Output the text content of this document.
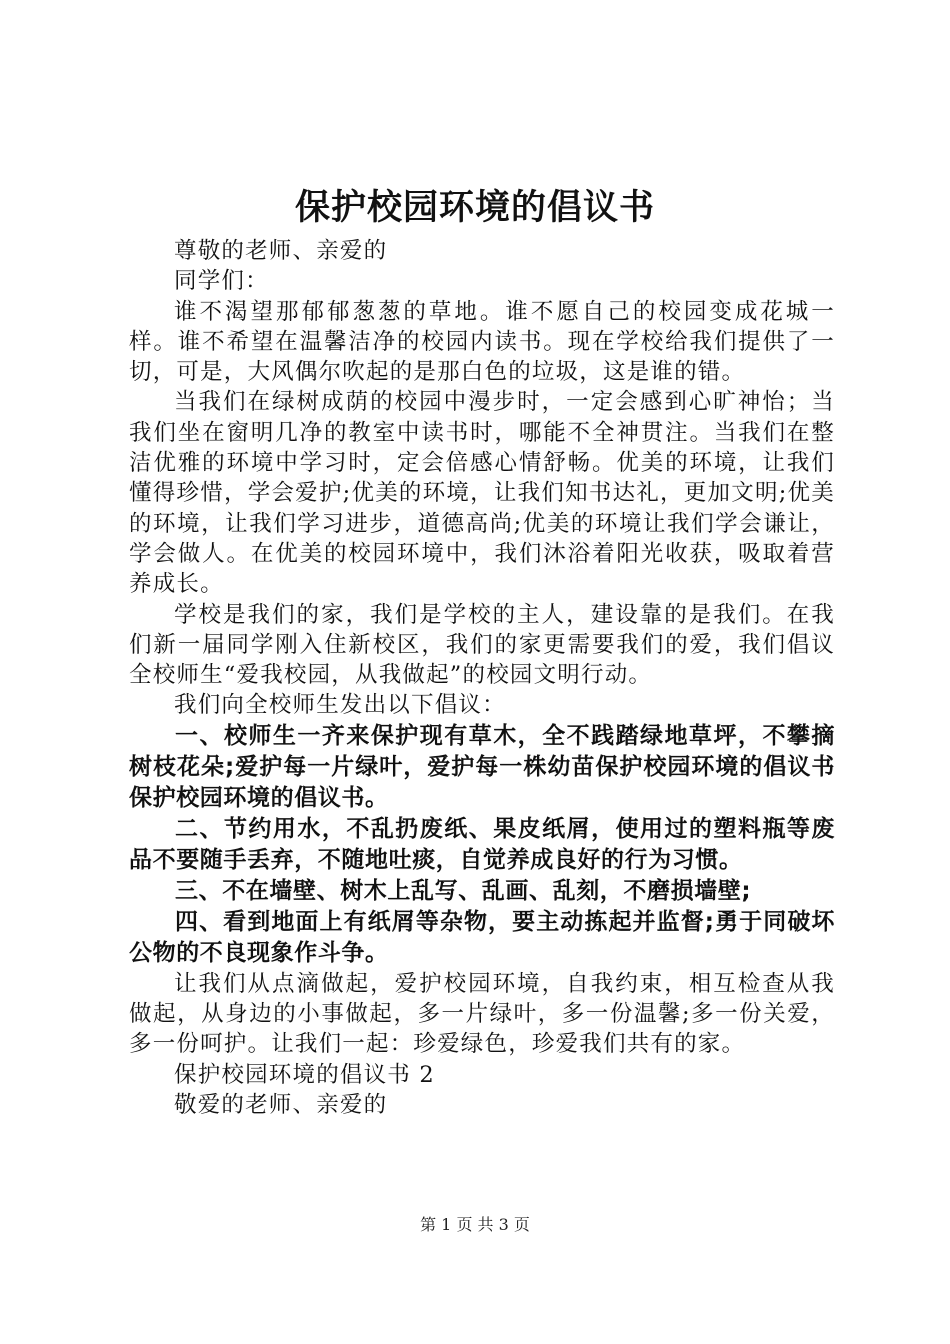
保护校园环境的倡议书

尊敬的老师、亲爱的

同学们：

谁不渴望那郁郁葱葱的草地。谁不愿自己的校园变成花城一样。谁不希望在温馨洁净的校园内读书。现在学校给我们提供了一切，可是，大风偶尔吹起的是那白色的垃圾，这是谁的错。

当我们在绿树成荫的校园中漫步时，一定会感到心旷神怡；当我们坐在窗明几净的教室中读书时，哪能不全神贯注。当我们在整洁优雅的环境中学习时，定会倍感心情舒畅。优美的环境，让我们懂得珍惜，学会爱护;优美的环境，让我们知书达礼，更加文明;优美的环境，让我们学习进步，道德高尚;优美的环境让我们学会谦让，学会做人。在优美的校园环境中，我们沐浴着阳光收获，吸取着营养成长。

学校是我们的家，我们是学校的主人，建设靠的是我们。在我们新一届同学刚入住新校区，我们的家更需要我们的爱，我们倡议全校师生“爱我校园，从我做起”的校园文明行动。

我们向全校师生发出以下倡议：

一、校师生一齐来保护现有草木，全不践踏绿地草坪，不攀摘树枝花朵;爱护每一片绿叶，爱护每一株幼苗保护校园环境的倡议书保护校园环境的倡议书。

二、节约用水，不乱扔废纸、果皮纸屑，使用过的塑料瓶等废品不要随手丢弃，不随地吐痰，自觉养成良好的行为习惯。

三、不在墙壁、树木上乱写、乱画、乱刻，不磨损墙壁;

四、看到地面上有纸屑等杂物，要主动拣起并监督;勇于同破坏公物的不良现象作斗争。

让我们从点滴做起，爱护校园环境，自我约束，相互检查从我做起，从身边的小事做起，多一片绿叶，多一份温馨;多一份关爱，多一份呵护。让我们一起：珍爱绿色，珍爱我们共有的家。

保护校园环境的倡议书 2

敬爱的老师、亲爱的

第 1 页 共 3 页
